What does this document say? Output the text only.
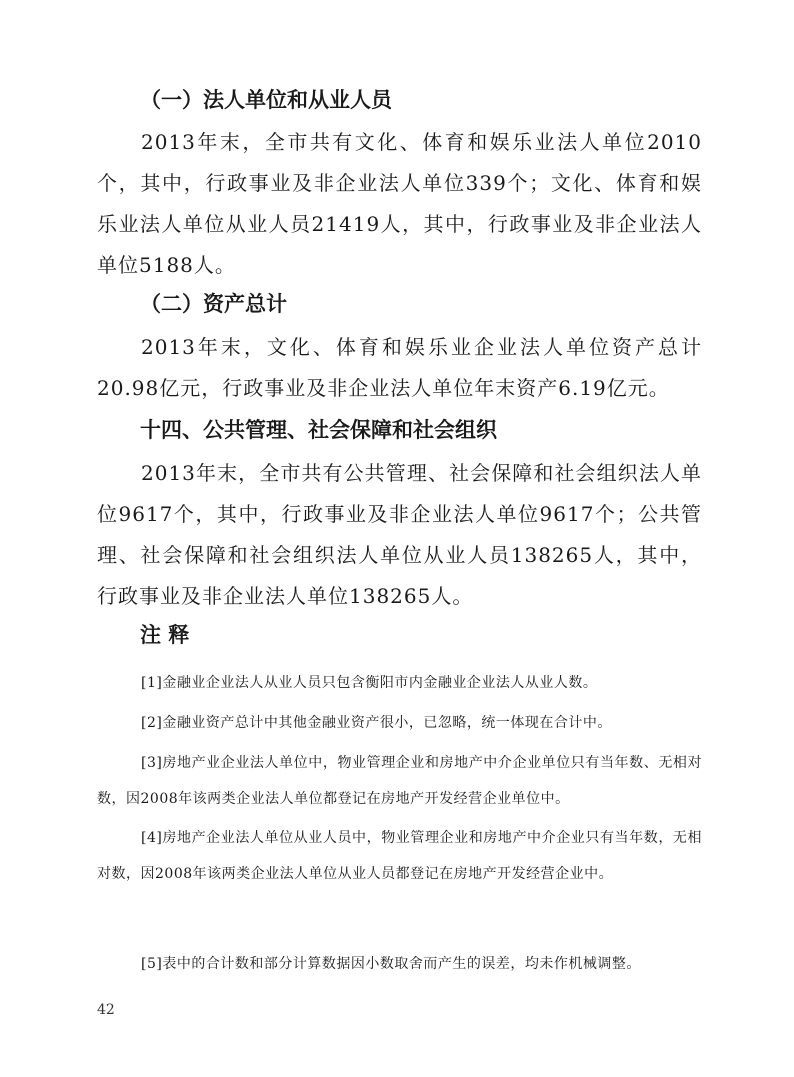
（一）法人单位和从业人员
2013年末，全市共有文化、体育和娱乐业法人单位2010个，其中，行政事业及非企业法人单位339个；文化、体育和娱乐业法人单位从业人员21419人，其中，行政事业及非企业法人单位5188人。
（二）资产总计
2013年末，文化、体育和娱乐业企业法人单位资产总计20.98亿元，行政事业及非企业法人单位年末资产6.19亿元。
十四、公共管理、社会保障和社会组织
2013年末，全市共有公共管理、社会保障和社会组织法人单位9617个，其中，行政事业及非企业法人单位9617个；公共管理、社会保障和社会组织法人单位从业人员138265人，其中，行政事业及非企业法人单位138265人。
注 释
[1]金融业企业法人从业人员只包含衡阳市内金融业企业法人从业人数。
[2]金融业资产总计中其他金融业资产很小，已忽略，统一体现在合计中。
[3]房地产业企业法人单位中，物业管理企业和房地产中介企业单位只有当年数、无相对数，因2008年该两类企业法人单位都登记在房地产开发经营企业单位中。
[4]房地产企业法人单位从业人员中，物业管理企业和房地产中介企业只有当年数，无相对数，因2008年该两类企业法人单位从业人员都登记在房地产开发经营企业中。
[5]表中的合计数和部分计算数据因小数取舍而产生的误差，均未作机械调整。
42
